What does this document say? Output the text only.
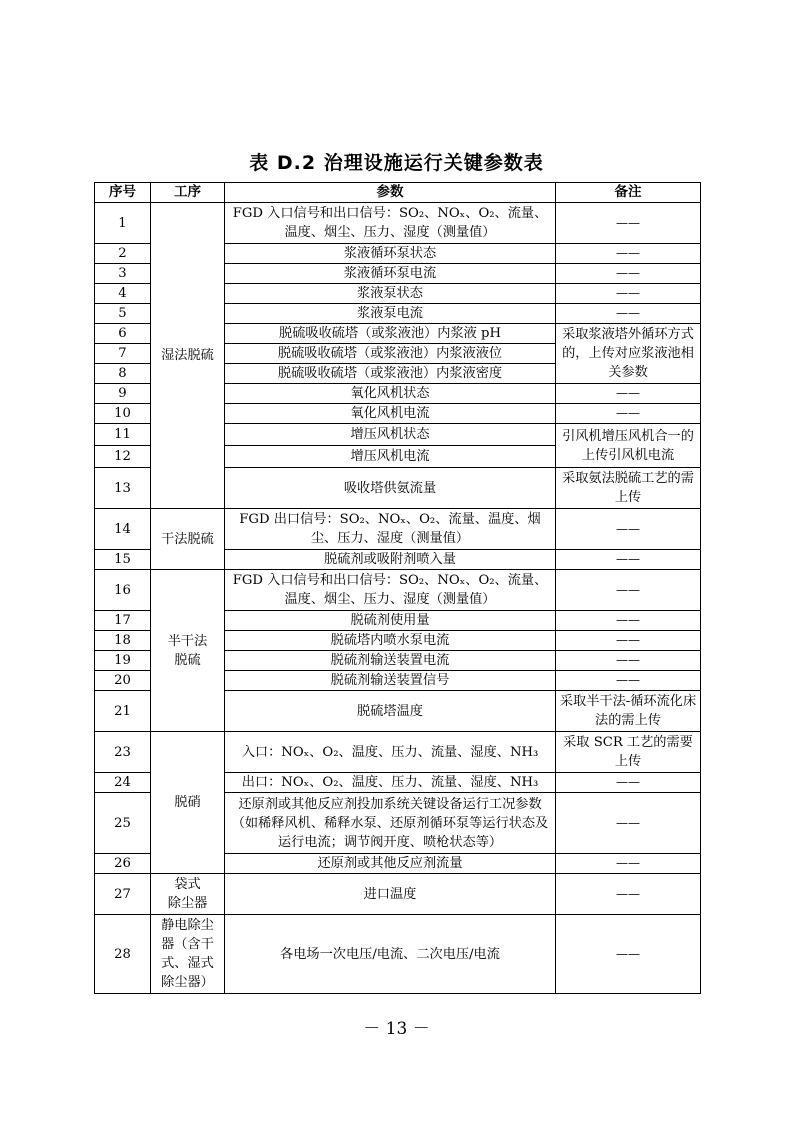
表 D.2 治理设施运行关键参数表
序号	工序	参数	备注
1	湿法脱硫	FGD 入口信号和出口信号：SO₂、NOₓ、O₂、流量、温度、烟尘、压力、湿度（测量值）	——
2		浆液循环泵状态	——
3		浆液循环泵电流	——
4		浆液泵状态	——
5		浆液泵电流	——
6		脱硫吸收硫塔（或浆液池）内浆液 pH	采取浆液塔外循环方式的，上传对应浆液池相关参数
7		脱硫吸收硫塔（或浆液池）内浆液液位	
8		脱硫吸收硫塔（或浆液池）内浆液密度	
9		氧化风机状态	——
10		氧化风机电流	——
11		增压风机状态	引风机增压风机合一的上传引风机电流
12		增压风机电流	
13		吸收塔供氨流量	采取氨法脱硫工艺的需上传
14	干法脱硫	FGD 出口信号：SO₂、NOₓ、O₂、流量、温度、烟尘、压力、湿度（测量值）	——
15		脱硫剂或吸附剂喷入量	——
16	半干法
脱硫	FGD 入口信号和出口信号：SO₂、NOₓ、O₂、流量、温度、烟尘、压力、湿度（测量值）	——
17		脱硫剂使用量	——
18		脱硫塔内喷水泵电流	——
19		脱硫剂输送装置电流	——
20		脱硫剂输送装置信号	——
21		脱硫塔温度	采取半干法-循环流化床法的需上传
23	脱硝	入口：NOₓ、O₂、温度、压力、流量、湿度、NH₃	采取 SCR 工艺的需要上传
24		出口：NOₓ、O₂、温度、压力、流量、湿度、NH₃	——
25		还原剂或其他反应剂投加系统关键设备运行工况参数（如稀释风机、稀释水泵、还原剂循环泵等运行状态及运行电流；调节阀开度、喷枪状态等）	——
26		还原剂或其他反应剂流量	——
27	袋式
除尘器	进口温度	——
28	静电除尘
器（含干
式、湿式
除尘器）	各电场一次电压/电流、二次电压/电流	——
－ 13 －
